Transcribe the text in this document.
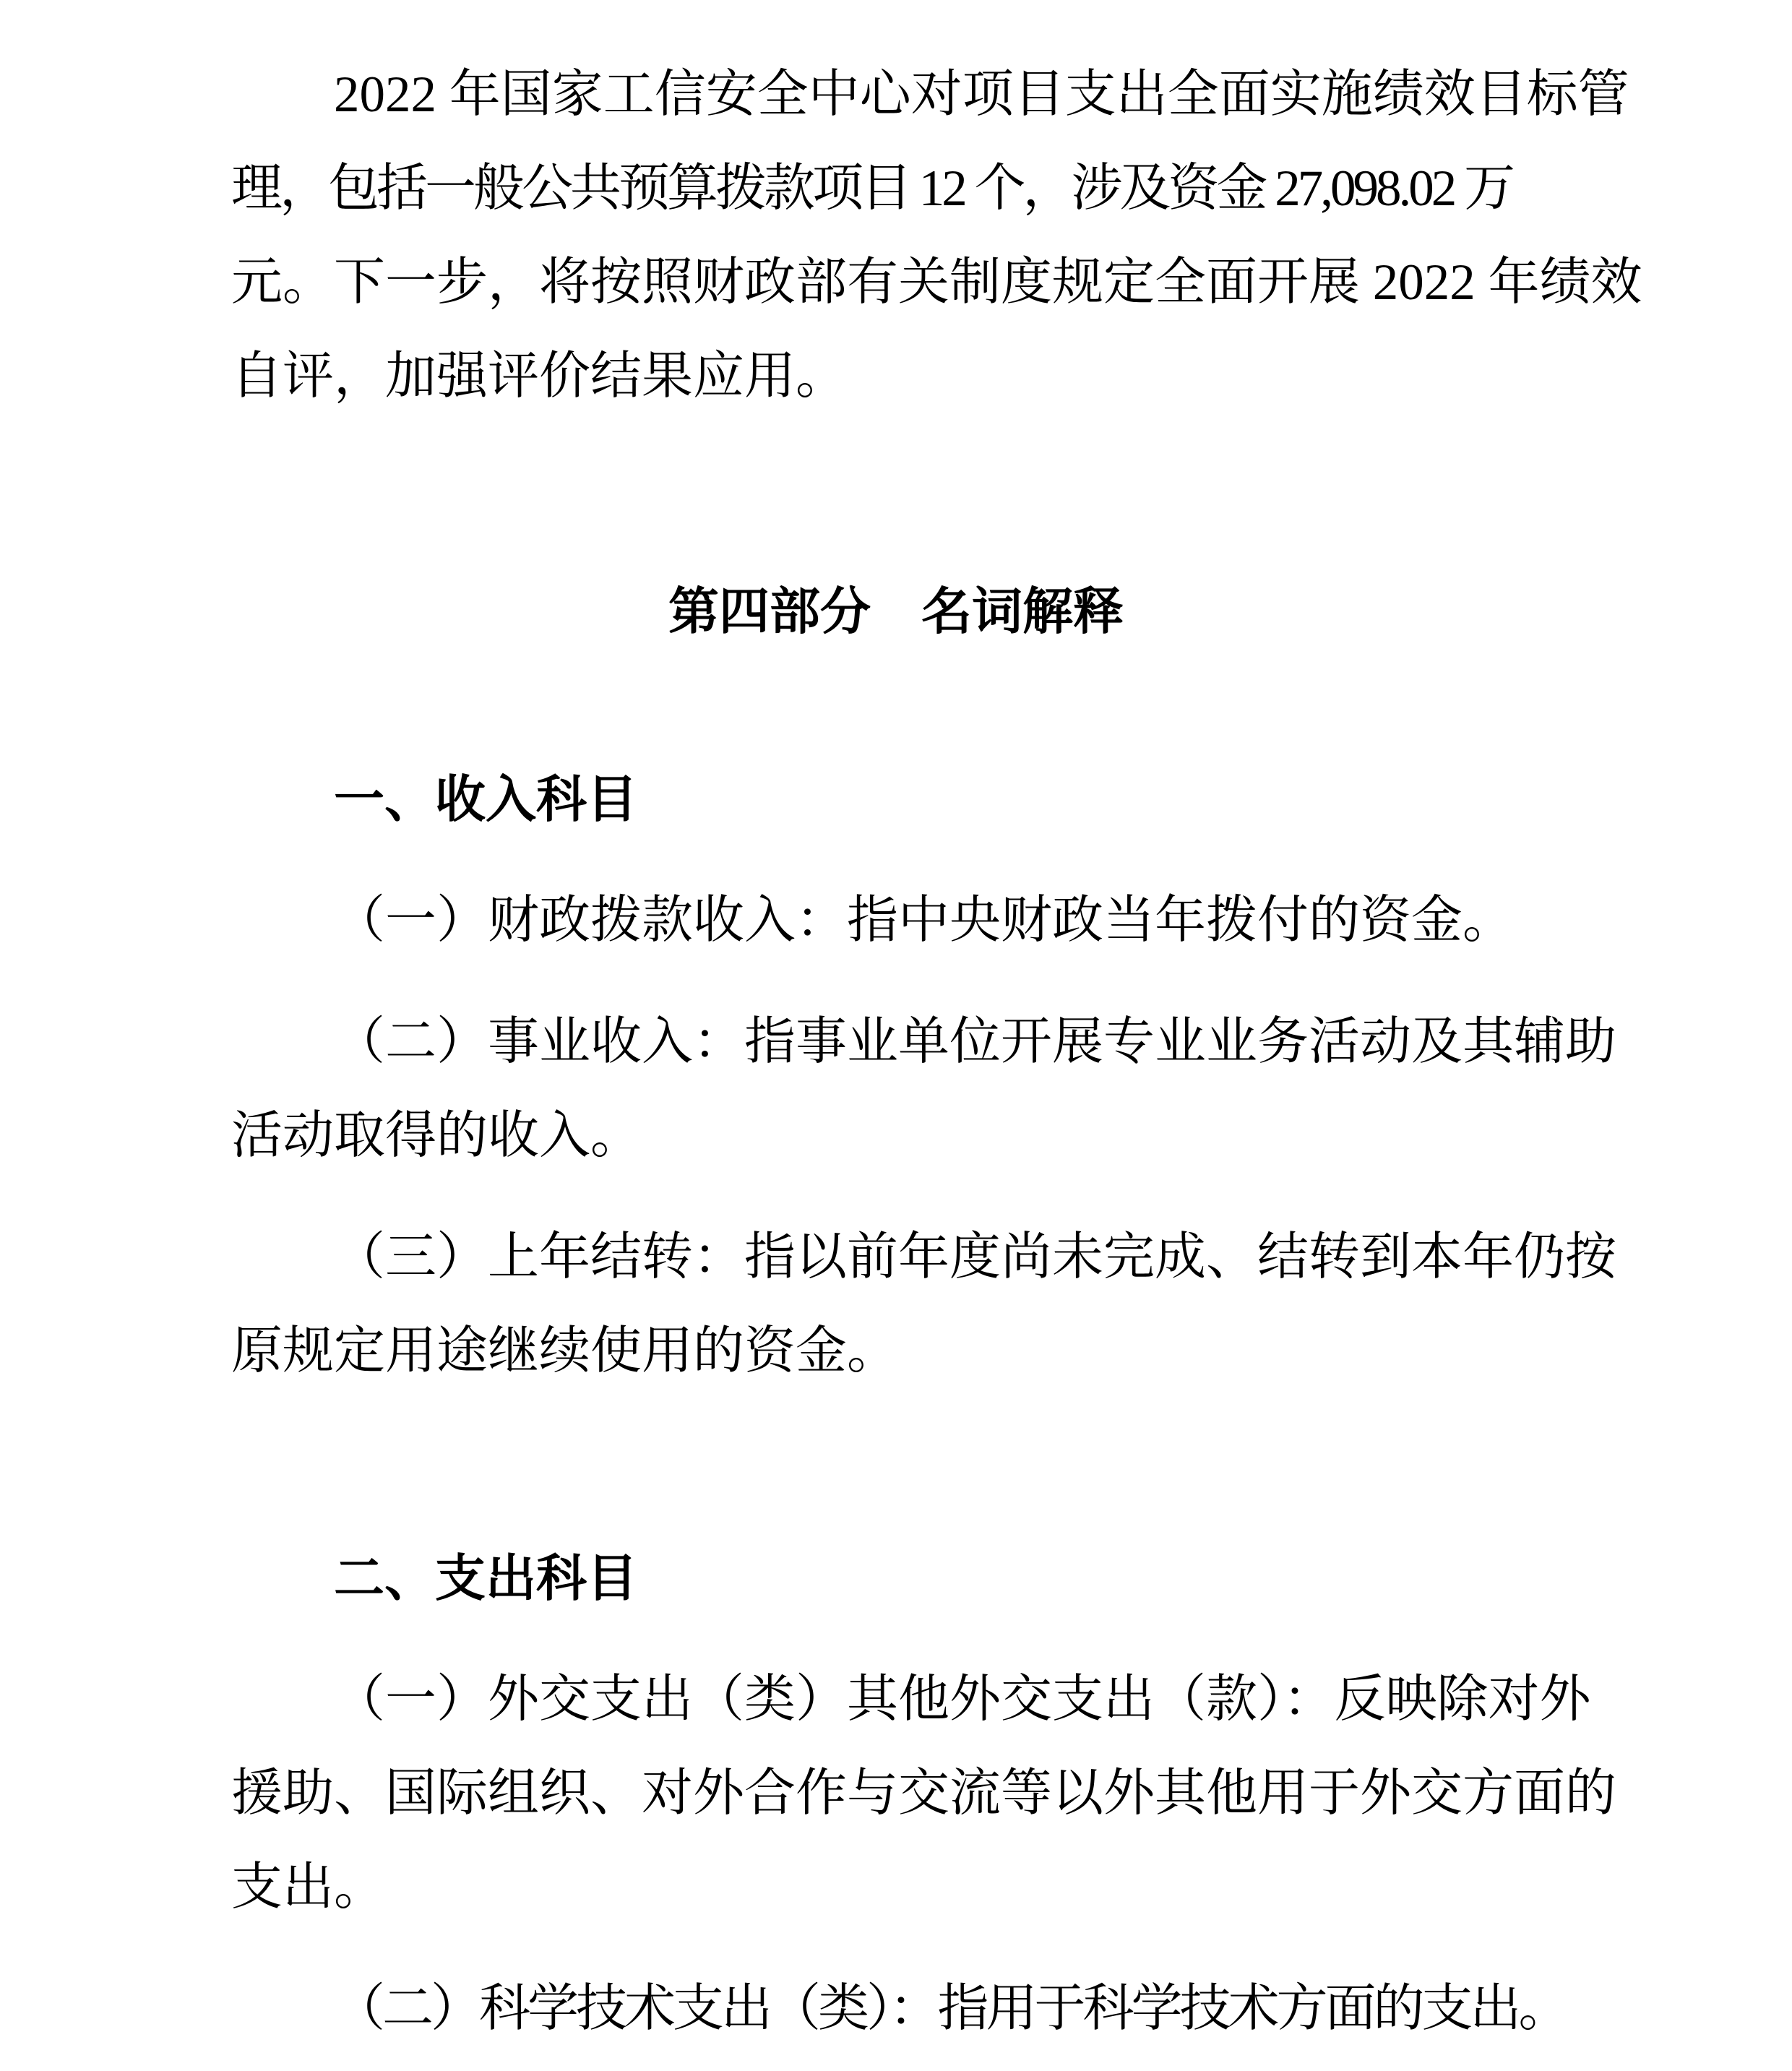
2022 年国家工信安全中心对项目支出全面实施绩效目标管
理，包括一般公共预算拨款项目 12 个，涉及资金 27,098.02 万
元。下一步，将按照财政部有关制度规定全面开展 2022 年绩效
自评，加强评价结果应用。
第四部分　名词解释
一、收入科目
（一）财政拨款收入：指中央财政当年拨付的资金。
（二）事业收入：指事业单位开展专业业务活动及其辅助
活动取得的收入。
（三）上年结转：指以前年度尚未完成、结转到本年仍按
原规定用途继续使用的资金。
二、支出科目
（一）外交支出（类）其他外交支出（款）：反映除对外
援助、国际组织、对外合作与交流等以外其他用于外交方面的
支出。
（二）科学技术支出（类）：指用于科学技术方面的支出。
